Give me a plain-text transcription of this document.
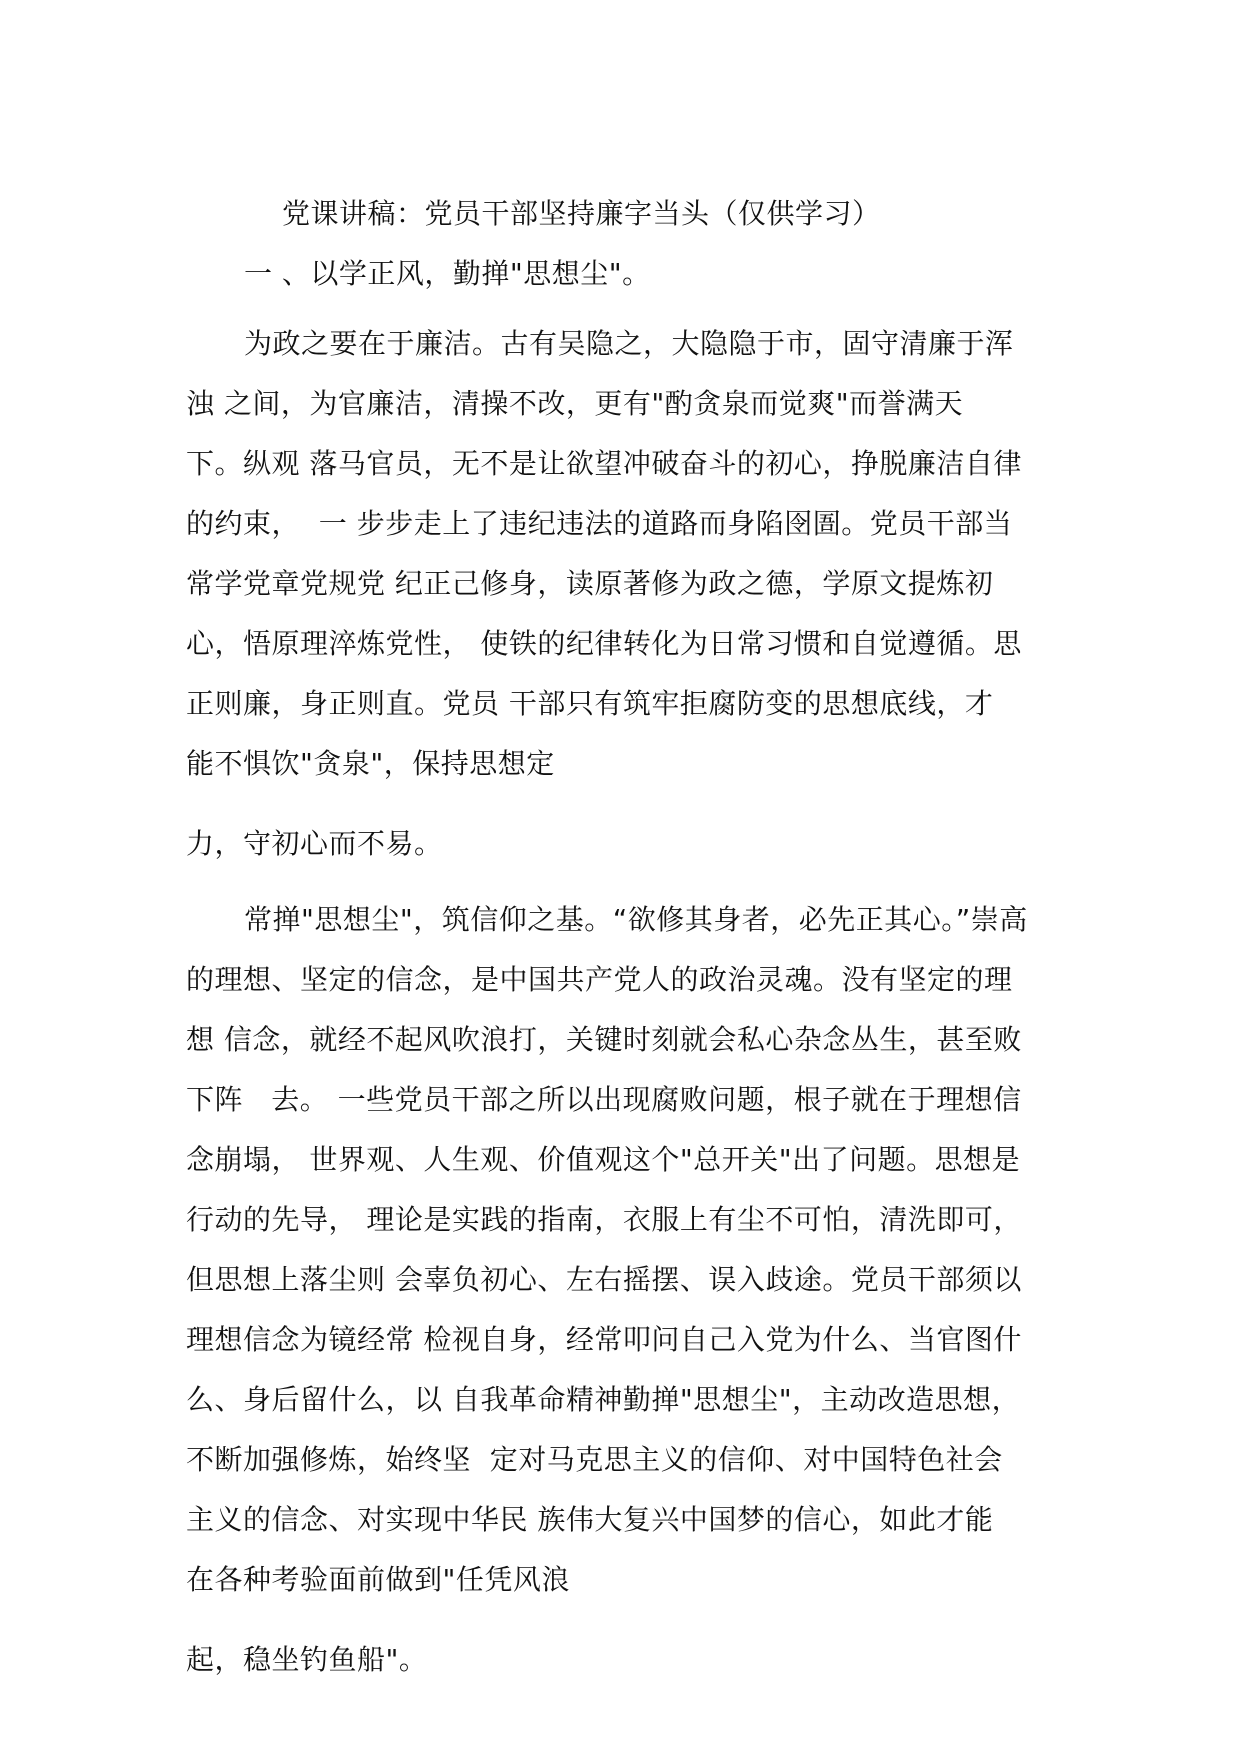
党课讲稿：党员干部坚持廉字当头（仅供学习）
一 、以学正风，勤掸"思想尘"。
为政之要在于廉洁。古有吴隐之，大隐隐于市，固守清廉于浑
浊 之间，为官廉洁，清操不改，更有"酌贪泉而觉爽"而誉满天
下。纵观 落马官员，无不是让欲望冲破奋斗的初心，挣脱廉洁自律
的约束，  一 步步走上了违纪违法的道路而身陷囹圄。党员干部当
常学党章党规党 纪正己修身，读原著修为政之德，学原文提炼初
心，悟原理淬炼党性， 使铁的纪律转化为日常习惯和自觉遵循。思
正则廉，身正则直。党员 干部只有筑牢拒腐防变的思想底线，才
能不惧饮"贪泉"，保持思想定
力，守初心而不易。
常掸"思想尘"，筑信仰之基。“欲修其身者，必先正其心。”崇高
的理想、坚定的信念，是中国共产党人的政治灵魂。没有坚定的理
想 信念，就经不起风吹浪打，关键时刻就会私心杂念丛生，甚至败
下阵   去。 一些党员干部之所以出现腐败问题，根子就在于理想信
念崩塌， 世界观、人生观、价值观这个"总开关"出了问题。思想是
行动的先导， 理论是实践的指南，衣服上有尘不可怕，清洗即可，
但思想上落尘则 会辜负初心、左右摇摆、误入歧途。党员干部须以
理想信念为镜经常 检视自身，经常叩问自己入党为什么、当官图什
么、身后留什么，以 自我革命精神勤掸"思想尘"，主动改造思想，
不断加强修炼，始终坚  定对马克思主义的信仰、对中国特色社会
主义的信念、对实现中华民 族伟大复兴中国梦的信心，如此才能
在各种考验面前做到"任凭风浪
起，稳坐钓鱼船"。
